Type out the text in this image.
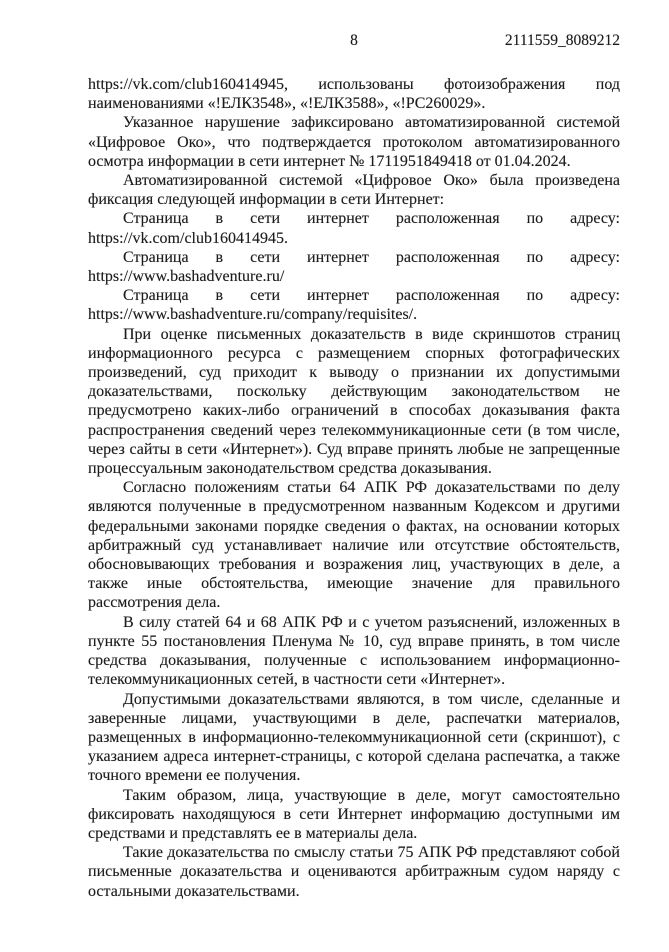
8	2111559_8089212

https://vk.com/club160414945, использованы фотоизображения под наименованиями «!ЕЛК3548», «!ЕЛК3588», «!PC260029».

Указанное нарушение зафиксировано автоматизированной системой «Цифровое Око», что подтверждается протоколом автоматизированного осмотра информации в сети интернет № 1711951849418 от 01.04.2024.

Автоматизированной системой «Цифровое Око» была произведена фиксация следующей информации в сети Интернет:

Страница в сети интернет расположенная по адресу: https://vk.com/club160414945.

Страница в сети интернет расположенная по адресу: https://www.bashadventure.ru/

Страница в сети интернет расположенная по адресу: https://www.bashadventure.ru/company/requisites/.

При оценке письменных доказательств в виде скриншотов страниц информационного ресурса с размещением спорных фотографических произведений, суд приходит к выводу о признании их допустимыми доказательствами, поскольку действующим законодательством не предусмотрено каких-либо ограничений в способах доказывания факта распространения сведений через телекоммуникационные сети (в том числе, через сайты в сети «Интернет»). Суд вправе принять любые не запрещенные процессуальным законодательством средства доказывания.

Согласно положениям статьи 64 АПК РФ доказательствами по делу являются полученные в предусмотренном названным Кодексом и другими федеральными законами порядке сведения о фактах, на основании которых арбитражный суд устанавливает наличие или отсутствие обстоятельств, обосновывающих требования и возражения лиц, участвующих в деле, а также иные обстоятельства, имеющие значение для правильного рассмотрения дела.

В силу статей 64 и 68 АПК РФ и с учетом разъяснений, изложенных в пункте 55 постановления Пленума № 10, суд вправе принять, в том числе средства доказывания, полученные с использованием информационно-телекоммуникационных сетей, в частности сети «Интернет».

Допустимыми доказательствами являются, в том числе, сделанные и заверенные лицами, участвующими в деле, распечатки материалов, размещенных в информационно-телекоммуникационной сети (скриншот), с указанием адреса интернет-страницы, с которой сделана распечатка, а также точного времени ее получения.

Таким образом, лица, участвующие в деле, могут самостоятельно фиксировать находящуюся в сети Интернет информацию доступными им средствами и представлять ее в материалы дела.

Такие доказательства по смыслу статьи 75 АПК РФ представляют собой письменные доказательства и оцениваются арбитражным судом наряду с остальными доказательствами.
